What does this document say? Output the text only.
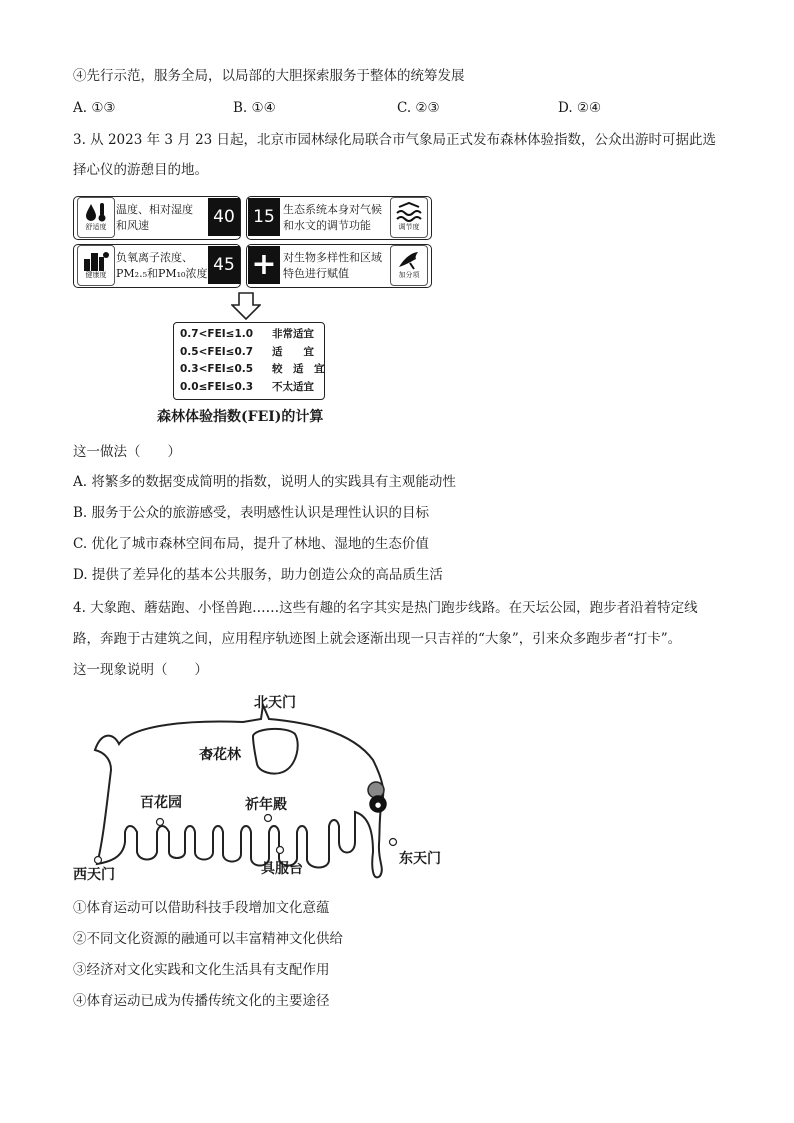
④先行示范，服务全局，以局部的大胆探索服务于整体的统筹发展
A. ①③	B. ①④	C. ②③	D. ②④
3. 从 2023 年 3 月 23 日起，北京市园林绿化局联合市气象局正式发布森林体验指数，公众出游时可据此选
择心仪的游憩目的地。
舒适度
温度、相对湿度
和风速	40	15 生态系统本身对气候
和水文的调节功能	调节度
健康度
负氧离子浓度、
PM₂.₅和PM₁₀浓度 45 + 对生物多样性和区域
特色进行赋值	加分项
0.7<FEI≤1.0 非常适宜
0.5<FEI≤0.7 适　　宜
0.3<FEI≤0.5 较　适　宜
0.0≤FEI≤0.3 不太适宜
森林体验指数(FEI)的计算
这一做法（　　）
A. 将繁多的数据变成简明的指数，说明人的实践具有主观能动性
B. 服务于公众的旅游感受，表明感性认识是理性认识的目标
C. 优化了城市森林空间布局，提升了林地、湿地的生态价值
D. 提供了差异化的基本公共服务，助力创造公众的高品质生活
4. 大象跑、蘑菇跑、小怪兽跑……这些有趣的名字其实是热门跑步线路。在天坛公园，跑步者沿着特定线
路，奔跑于古建筑之间，应用程序轨迹图上就会逐渐出现一只吉祥的“大象”，引来众多跑步者“打卡”。
这一现象说明（　　）
●
北天门
杏花林
百花园	祈年殿
西天门	具服台
东天门
①体育运动可以借助科技手段增加文化意蕴
②不同文化资源的融通可以丰富精神文化供给
③经济对文化实践和文化生活具有支配作用
④体育运动已成为传播传统文化的主要途径
